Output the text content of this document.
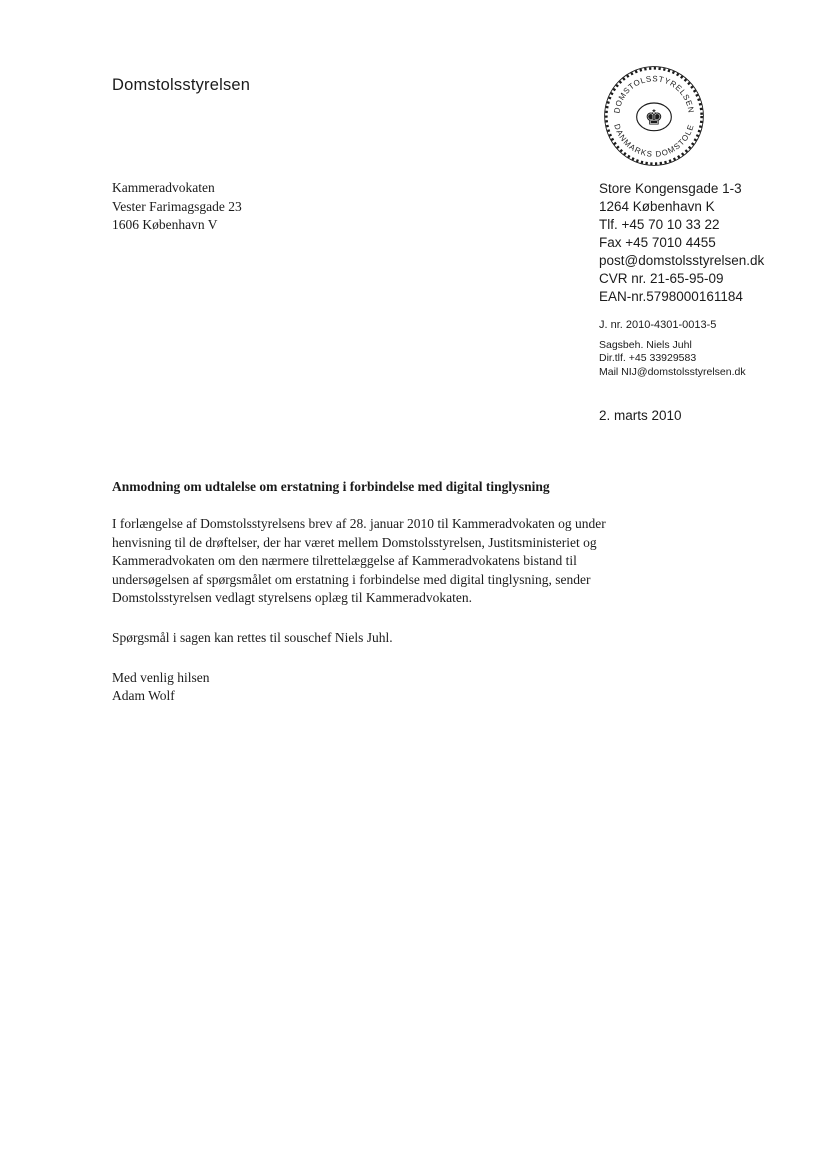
Domstolsstyrelsen
DOMSTOLSSTYRELSEN
DANMARKS DOMSTOLE
♚
Kammeradvokaten
Vester Farimagsgade 23
1606 København V
Store Kongensgade 1-3
1264 København K
Tlf. +45 70 10 33 22
Fax +45 7010 4455
post@domstolsstyrelsen.dk
CVR nr. 21-65-95-09
EAN-nr.5798000161184
J. nr. 2010-4301-0013-5
Sagsbeh. Niels Juhl
Dir.tlf. +45 33929583
Mail NIJ@domstolsstyrelsen.dk
2. marts 2010
Anmodning om udtalelse om erstatning i forbindelse med digital tinglysning

I forlængelse af Domstolsstyrelsens brev af 28. januar 2010 til Kammeradvokaten og under henvisning til de drøftelser, der har været mellem Domstolsstyrelsen, Justitsministeriet og Kammeradvokaten om den nærmere tilrettelæggelse af Kammeradvokatens bistand til undersøgelsen af spørgsmålet om erstatning i forbindelse med digital tinglysning, sender Domstolsstyrelsen vedlagt styrelsens oplæg til Kammeradvokaten.

Spørgsmål i sagen kan rettes til souschef Niels Juhl.

Med venlig hilsen

Adam Wolf
